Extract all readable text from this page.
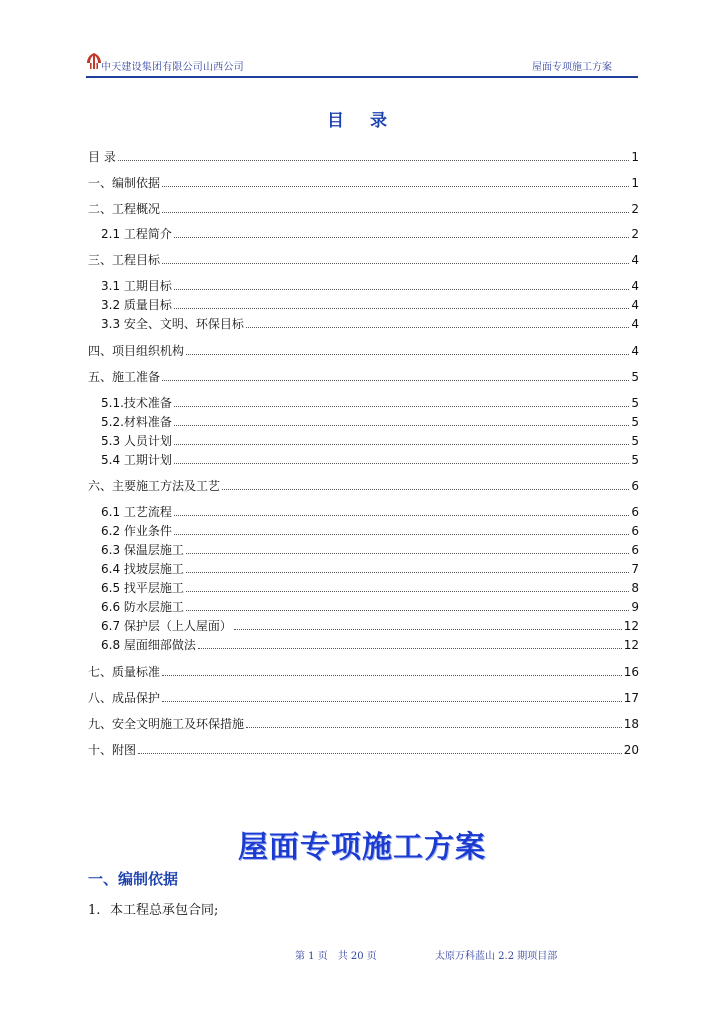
中天建设集团有限公司山西公司	屋面专项施工方案
目 录
目 录	1
一、编制依据	1
二、工程概况	2
2.1 工程简介	2
三、工程目标	4
3.1 工期目标	4
3.2 质量目标	4
3.3 安全、文明、环保目标	4
四、项目组织机构	4
五、施工准备	5
5.1.技术准备	5
5.2.材料准备	5
5.3 人员计划	5
5.4 工期计划	5
六、主要施工方法及工艺	6
6.1 工艺流程	6
6.2 作业条件	6
6.3 保温层施工	6
6.4 找坡层施工	7
6.5 找平层施工	8
6.6 防水层施工	9
6.7 保护层（上人屋面）	12
6.8 屋面细部做法	12
七、质量标准	16
八、成品保护	17
九、安全文明施工及环保措施	18
十、附图	20
屋面专项施工方案
一、编制依据
1. 本工程总承包合同;
第 1 页　共 20 页	太原万科蓝山 2.2 期项目部
